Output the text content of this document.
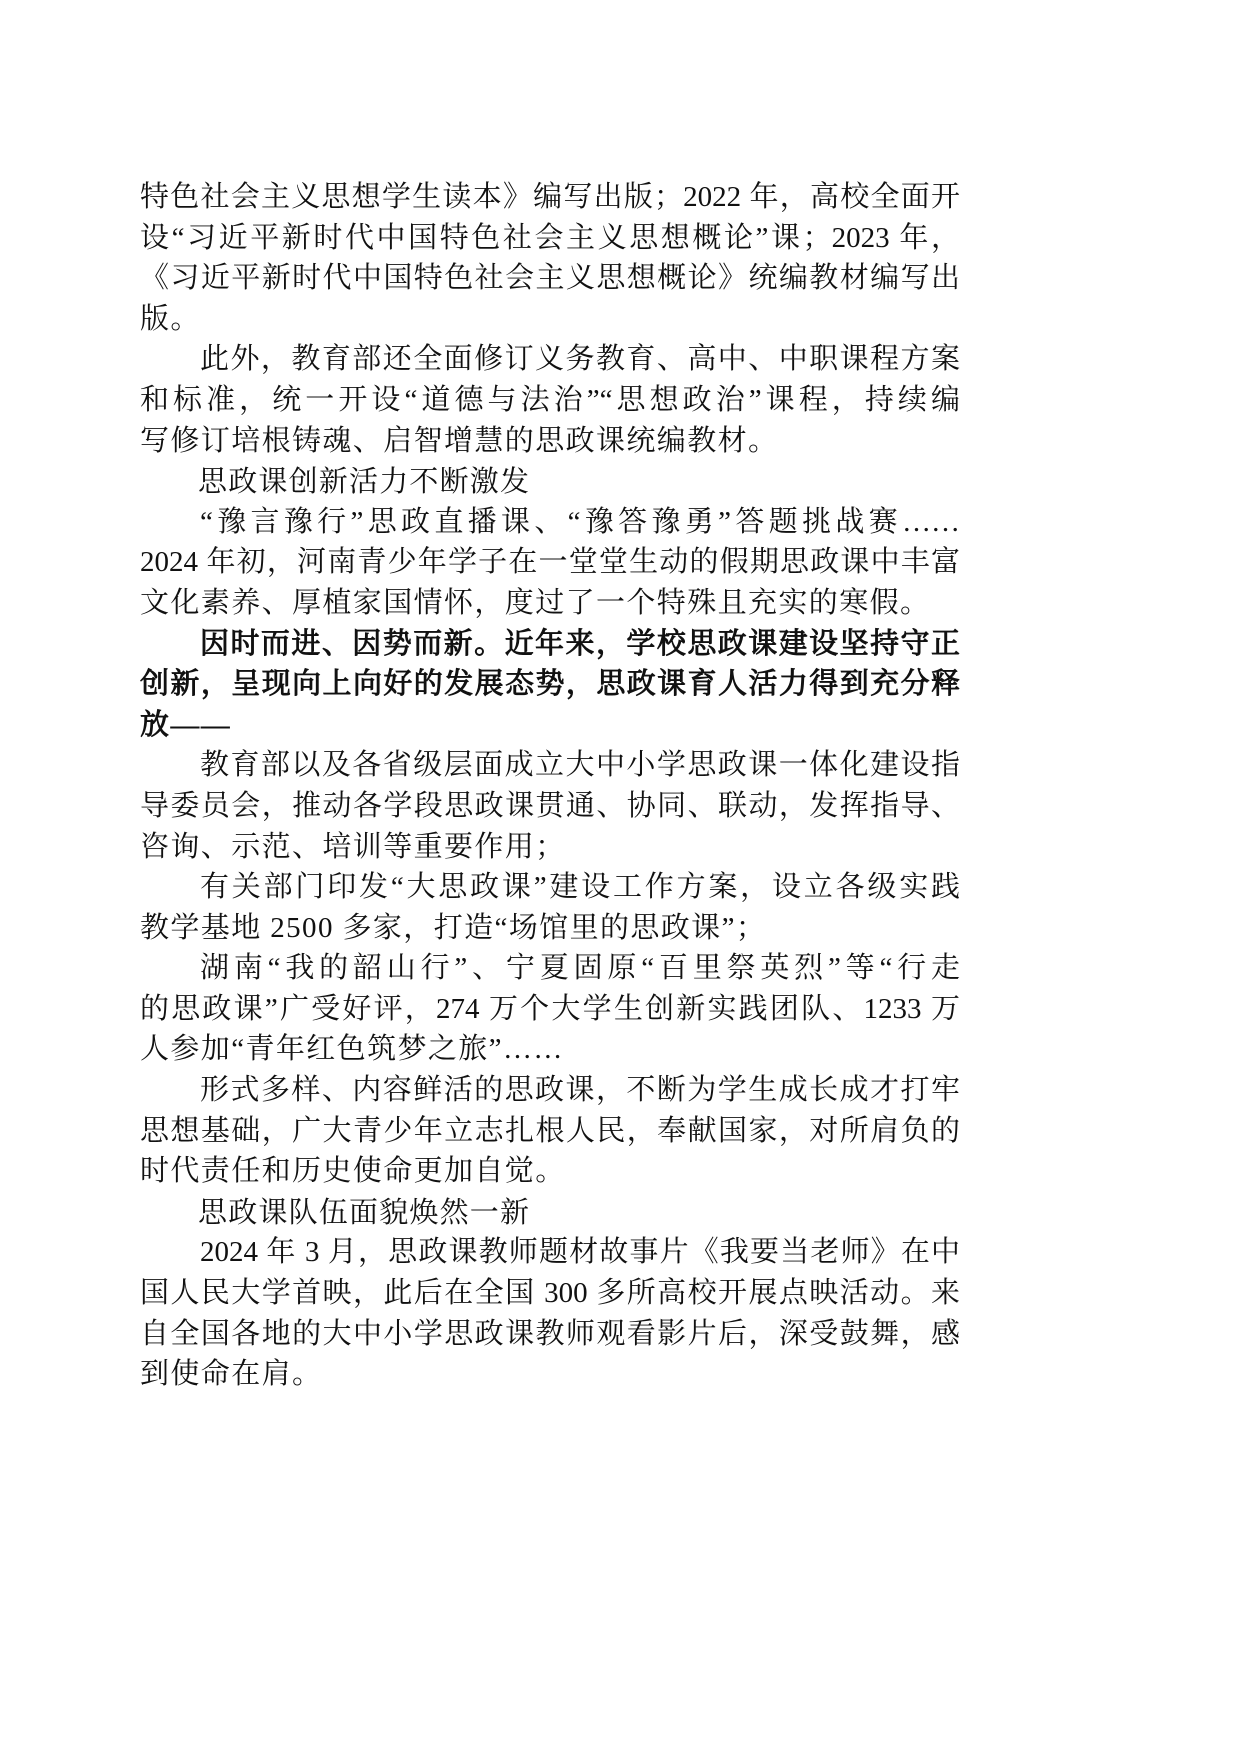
特色社会主义思想学生读本》编写出版；2022 年，高校全面开
设“习近平新时代中国特色社会主义思想概论”课；2023 年，
《习近平新时代中国特色社会主义思想概论》统编教材编写出
版。
此外，教育部还全面修订义务教育、高中、中职课程方案
和标准，统一开设“道德与法治”“思想政治”课程，持续编
写修订培根铸魂、启智增慧的思政课统编教材。
思政课创新活力不断激发
“豫言豫行”思政直播课、“豫答豫勇”答题挑战赛……
2024 年初，河南青少年学子在一堂堂生动的假期思政课中丰富
文化素养、厚植家国情怀，度过了一个特殊且充实的寒假。
因时而进、因势而新。近年来，学校思政课建设坚持守正
创新，呈现向上向好的发展态势，思政课育人活力得到充分释
放——
教育部以及各省级层面成立大中小学思政课一体化建设指
导委员会，推动各学段思政课贯通、协同、联动，发挥指导、
咨询、示范、培训等重要作用；
有关部门印发“大思政课”建设工作方案，设立各级实践
教学基地 2500 多家，打造“场馆里的思政课”；
湖南“我的韶山行”、宁夏固原“百里祭英烈”等“行走
的思政课”广受好评，274 万个大学生创新实践团队、1233 万
人参加“青年红色筑梦之旅”……
形式多样、内容鲜活的思政课，不断为学生成长成才打牢
思想基础，广大青少年立志扎根人民，奉献国家，对所肩负的
时代责任和历史使命更加自觉。
思政课队伍面貌焕然一新
2024 年 3 月，思政课教师题材故事片《我要当老师》在中
国人民大学首映，此后在全国 300 多所高校开展点映活动。来
自全国各地的大中小学思政课教师观看影片后，深受鼓舞，感
到使命在肩。
